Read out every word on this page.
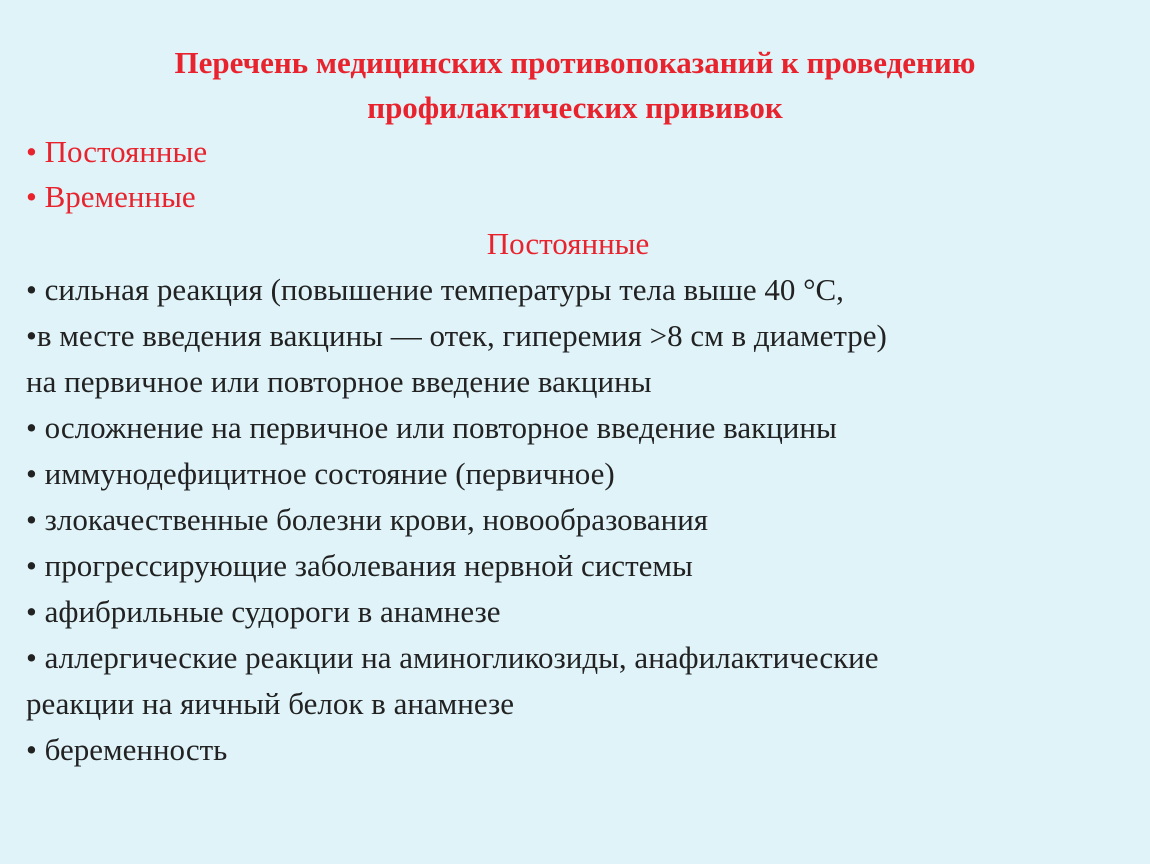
Перечень медицинских противопоказаний к проведению
профилактических прививок
• Постоянные
• Временные
Постоянные
• сильная реакция (повышение температуры тела выше 40 °С,
•в месте введения вакцины — отек, гиперемия >8 см в диаметре)
на первичное или повторное введение вакцины
• осложнение на первичное или повторное введение вакцины
• иммунодефицитное состояние (первичное)
• злокачественные болезни крови, новообразования
• прогрессирующие заболевания нервной системы
• афибрильные судороги в анамнезе
• аллергические реакции на аминогликозиды, анафилактические
реакции на яичный белок в анамнезе
• беременность
